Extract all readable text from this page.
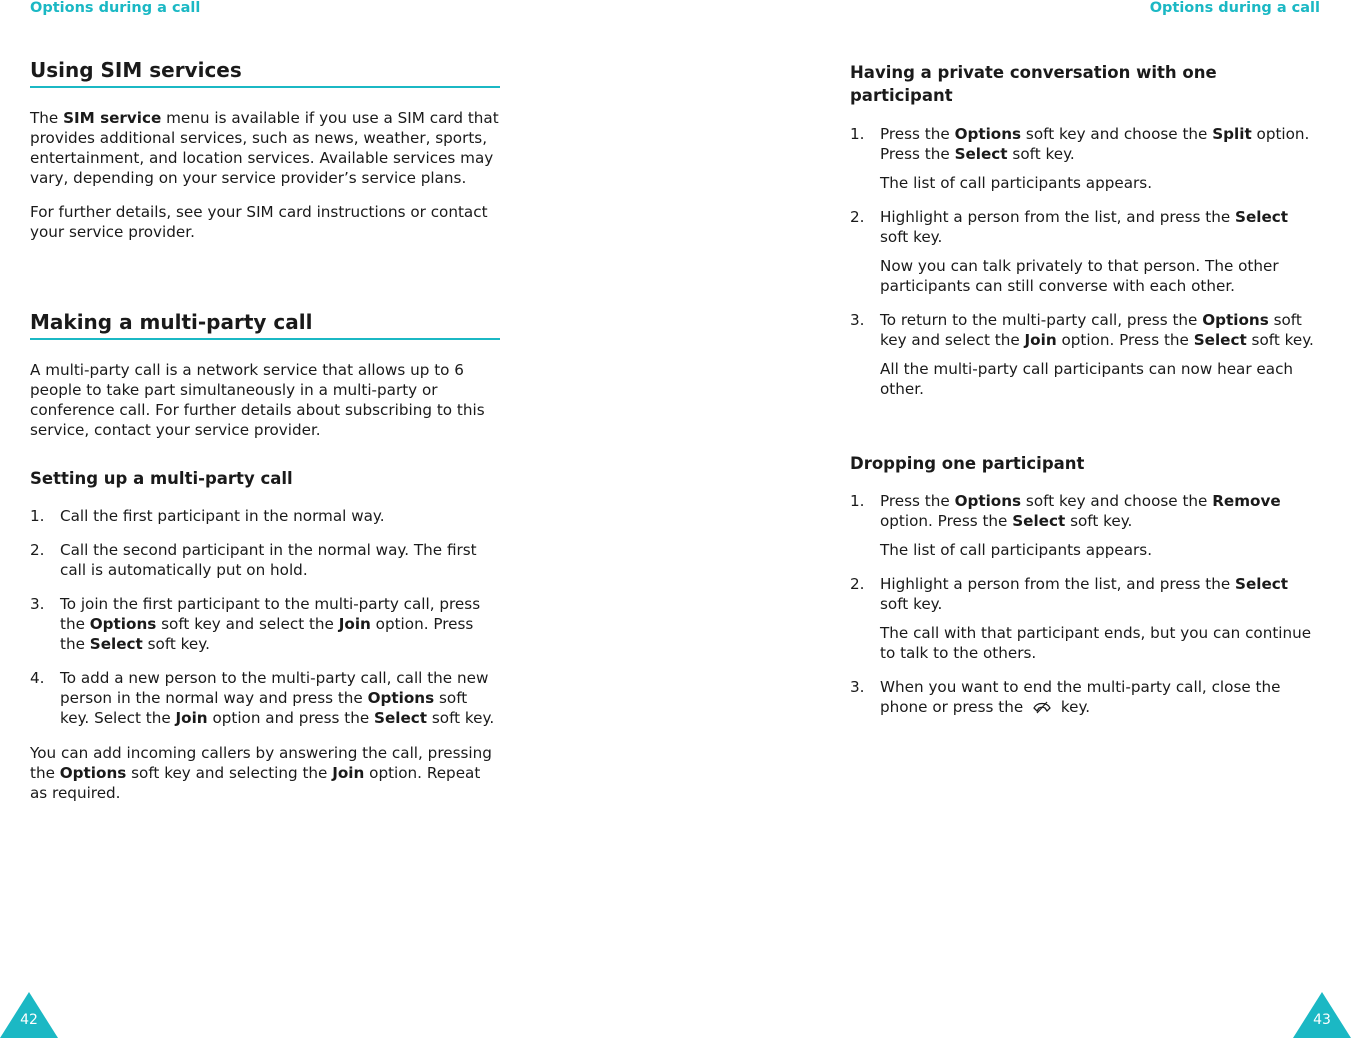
Options during a call
Using SIM services

The SIM service menu is available if you use a SIM card that provides additional services, such as news, weather, sports, entertainment, and location services. Available services may vary, depending on your service provider’s service plans.

For further details, see your SIM card instructions or contact your service provider.

Making a multi-party call

A multi-party call is a network service that allows up to 6 people to take part simultaneously in a multi-party or conference call. For further details about subscribing to this service, contact your service provider.

Setting up a multi-party call
1. Call the first participant in the normal way.
2. Call the second participant in the normal way. The first call is automatically put on hold.
3. To join the first participant to the multi-party call, press the Options soft key and select the Join option. Press the Select soft key.
4. To add a new person to the multi-party call, call the new person in the normal way and press the Options soft key. Select the Join option and press the Select soft key.

You can add incoming callers by answering the call, pressing the Options soft key and selecting the Join option. Repeat as required.

42
Options during a call
Having a private conversation with one participant
1. Press the Options soft key and choose the Split option. Press the Select soft key.
The list of call participants appears.
2. Highlight a person from the list, and press the Select soft key.
Now you can talk privately to that person. The other participants can still converse with each other.
3. To return to the multi-party call, press the Options soft key and select the Join option. Press the Select soft key.
All the multi-party call participants can now hear each other.
Dropping one participant
1. Press the Options soft key and choose the Remove option. Press the Select soft key.
The list of call participants appears.
2. Highlight a person from the list, and press the Select soft key.
The call with that participant ends, but you can continue to talk to the others.
3. When you want to end the multi-party call, close the phone or press the  key.
43
